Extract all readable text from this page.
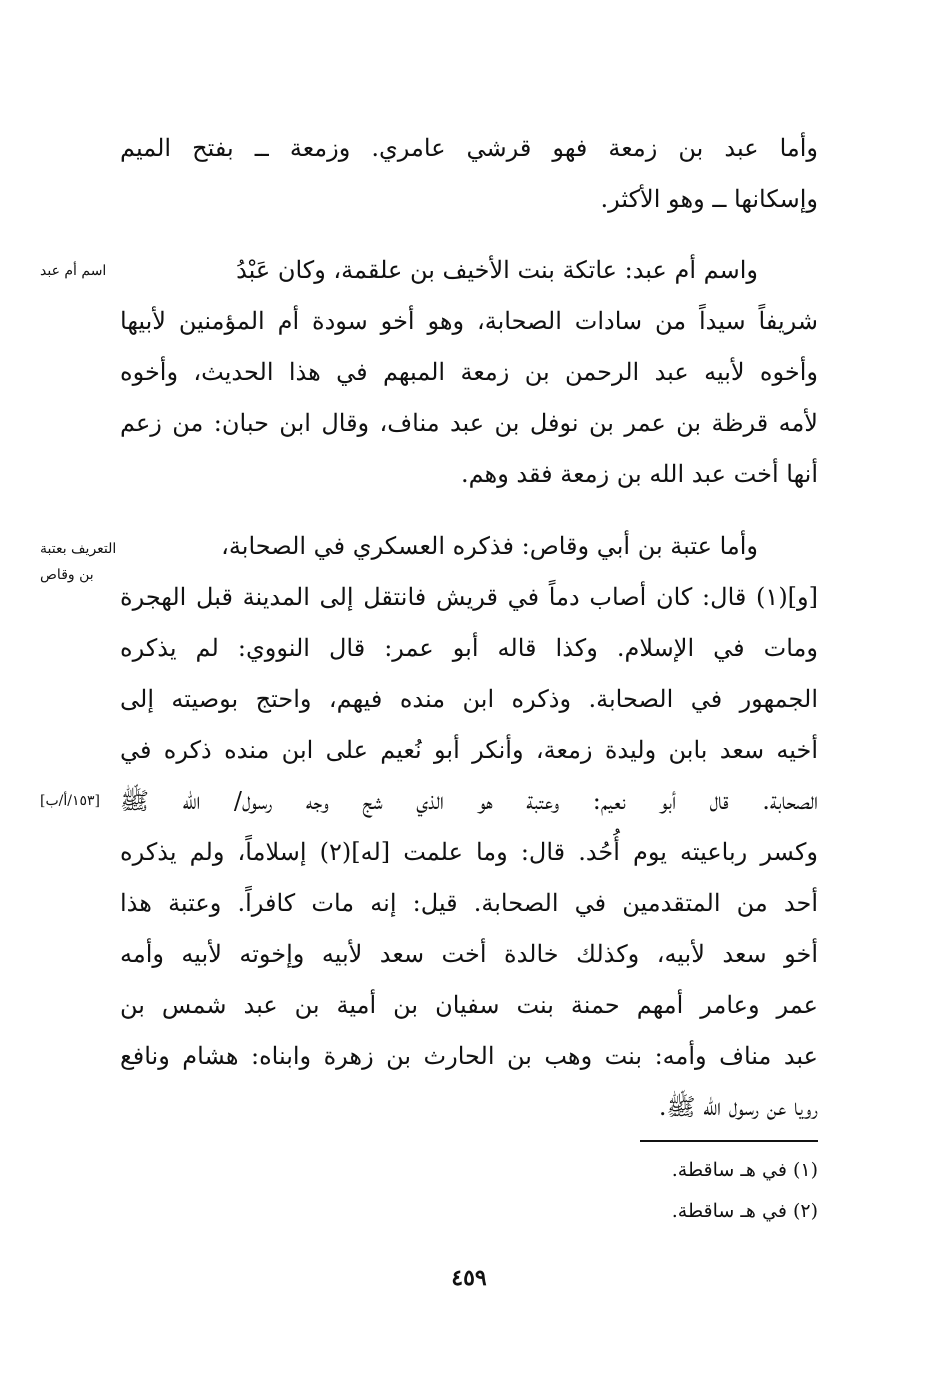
وأما عبد بن زمعة فهو قرشي عامري. وزمعة ــ بفتح الميم
وإسكانها ــ وهو الأكثر.
واسم أم عبد: عاتكة بنت الأخيف بن علقمة، وكان عَبْدُ
شريفاً سيداً من سادات الصحابة، وهو أخو سودة أم المؤمنين لأبيها
وأخوه لأبيه عبد الرحمن بن زمعة المبهم في هذا الحديث، وأخوه
لأمه قرظة بن عمر بن نوفل بن عبد مناف، وقال ابن حبان: من زعم
أنها أخت عبد الله بن زمعة فقد وهم.
اسم أم عبد
وأما عتبة بن أبي وقاص: فذكره العسكري في الصحابة،
[و](١) قال: كان أصاب دماً في قريش فانتقل إلى المدينة قبل الهجرة
ومات في الإسلام. وكذا قاله أبو عمر: قال النووي: لم يذكره
الجمهور في الصحابة. وذكره ابن منده فيهم، واحتج بوصيته إلى
أخيه سعد بابن وليدة زمعة، وأنكر أبو نُعيم على ابن منده ذكره في
الصحابة. قال أبو نعيم: وعتبة هو الذي شج وجه رسول/ الله ﷺ
وكسر رباعيته يوم أُحُد. قال: وما علمت [له](٢) إسلاماً، ولم يذكره
أحد من المتقدمين في الصحابة. قيل: إنه مات كافراً. وعتبة هذا
أخو سعد لأبيه، وكذلك خالدة أخت سعد لأبيه وإخوته لأبيه وأمه
عمر وعامر أمهم حمنة بنت سفيان بن أمية بن عبد شمس بن
عبد مناف وأمه: بنت وهب بن الحارث بن زهرة وابناه: هشام ونافع
رويا عن رسول الله ﷺ.
التعريف بعتبة
بن وقاص
[١٥٣/أ/ب]
(١) في هـ ساقطة.
(٢) في هـ ساقطة.
٤٥٩
